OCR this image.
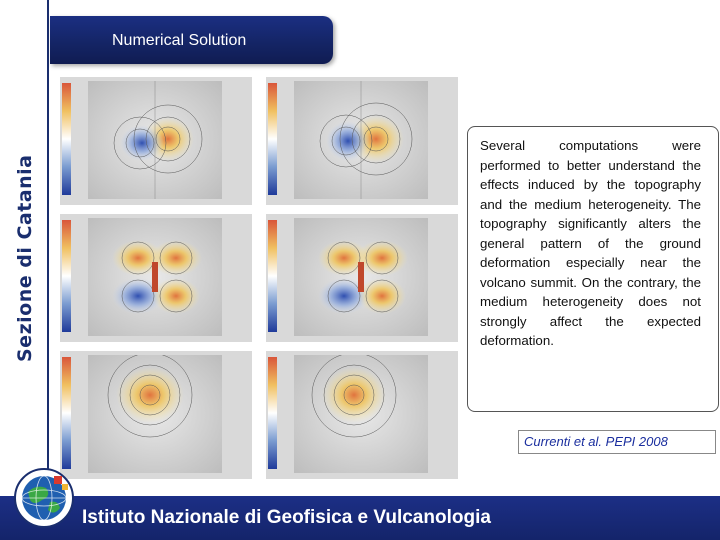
Sezione di Catania
Numerical Solution

Several computations were performed to better understand the effects induced by the topography and the medium heterogeneity. The topography significantly alters the general pattern of the ground deformation especially near the volcano summit. On the contrary, the medium heterogeneity does not strongly affect the expected deformation.

Currenti et al. PEPI 2008
Istituto Nazionale di Geofisica e Vulcanologia
